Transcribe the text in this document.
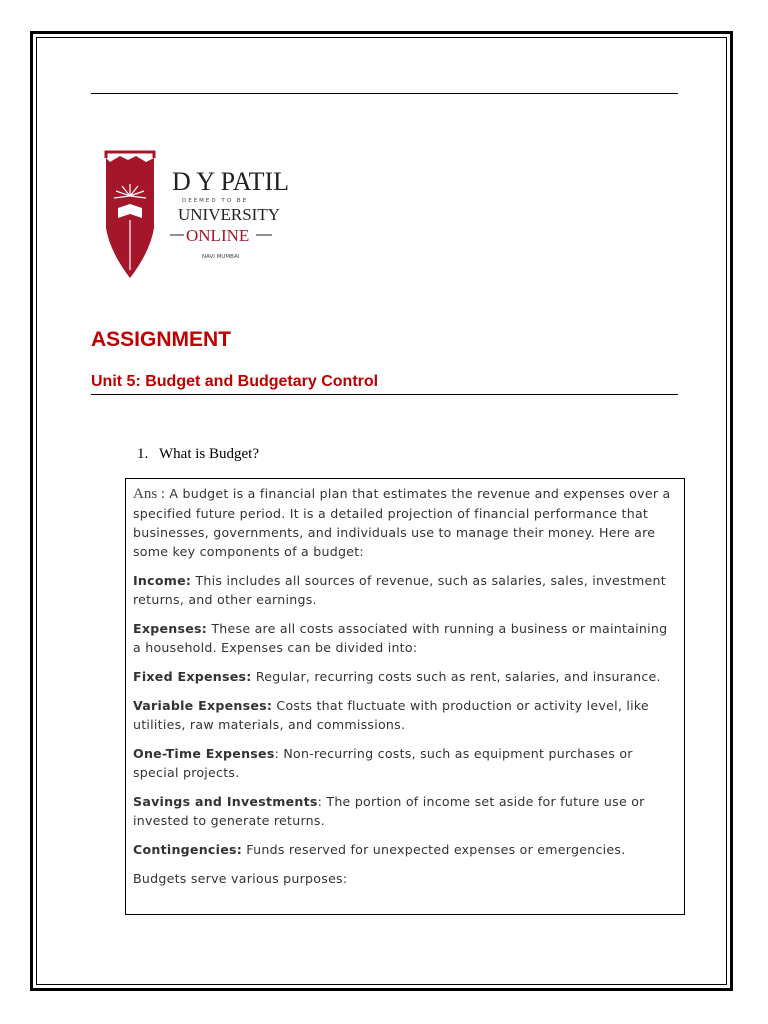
D Y PATIL
DEEMED TO BE
UNIVERSITY
ONLINE
NAVI MUMBAI
ASSIGNMENT
Unit 5: Budget and Budgetary Control
1. What is Budget?

Ans : A budget is a financial plan that estimates the revenue and expenses over a specified future period. It is a detailed projection of financial performance that businesses, governments, and individuals use to manage their money. Here are some key components of a budget:

Income: This includes all sources of revenue, such as salaries, sales, investment returns, and other earnings.

Expenses: These are all costs associated with running a business or maintaining a household. Expenses can be divided into:

Fixed Expenses: Regular, recurring costs such as rent, salaries, and insurance.

Variable Expenses: Costs that fluctuate with production or activity level, like utilities, raw materials, and commissions.

One-Time Expenses: Non-recurring costs, such as equipment purchases or special projects.

Savings and Investments: The portion of income set aside for future use or invested to generate returns.

Contingencies: Funds reserved for unexpected expenses or emergencies.

Budgets serve various purposes:
